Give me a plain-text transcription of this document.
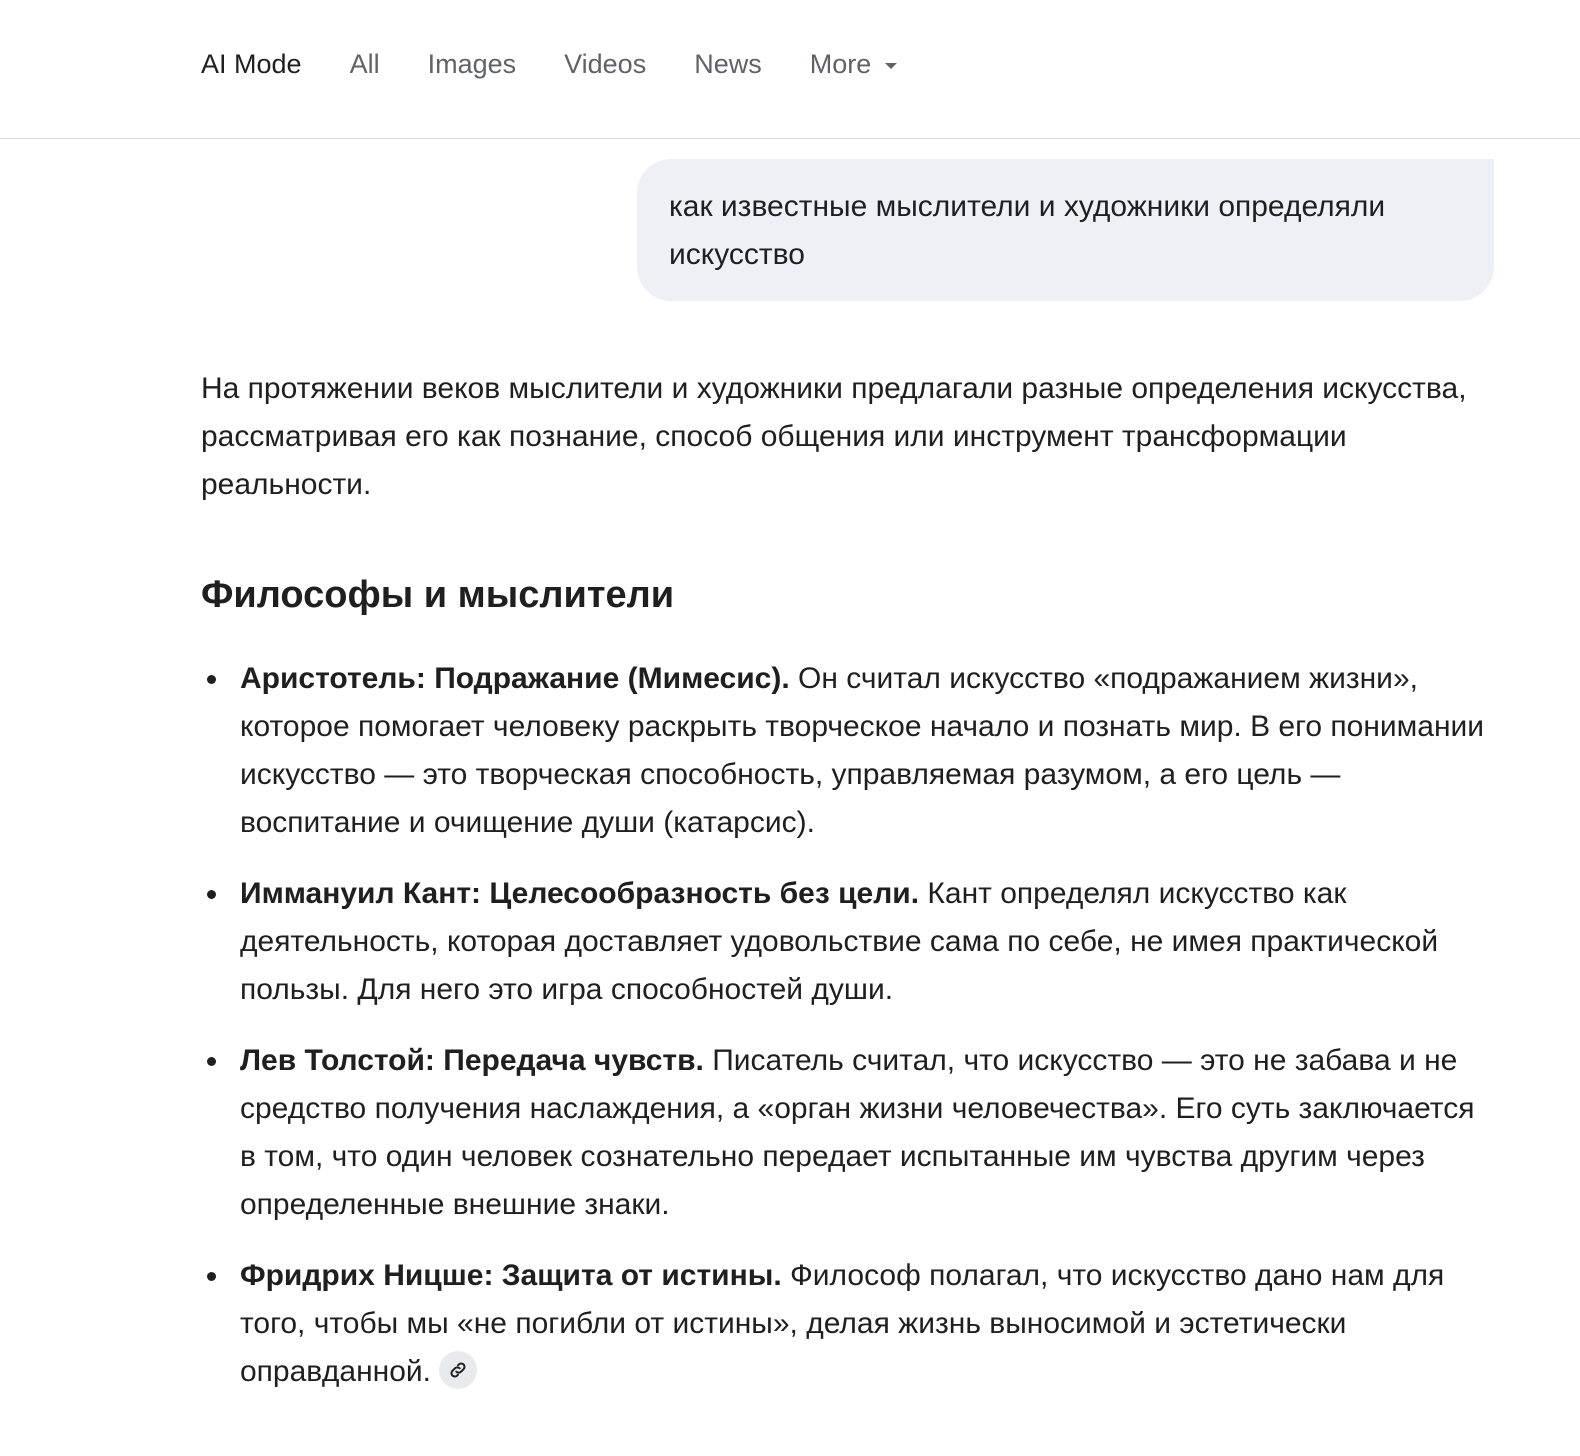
AI Mode All Images Videos News More
как известные мыслители и художники определяли искусство

На протяжении веков мыслители и художники предлагали разные определения искусства, рассматривая его как познание, способ общения или инструмент трансформации реальности.

Философы и мыслители
Аристотель: Подражание (Мимесис). Он считал искусство «подражанием жизни», которое помогает человеку раскрыть творческое начало и познать мир. В его понимании искусство — это творческая способность, управляемая разумом, а его цель — воспитание и очищение души (катарсис).
Иммануил Кант: Целесообразность без цели. Кант определял искусство как деятельность, которая доставляет удовольствие сама по себе, не имея практической пользы. Для него это игра способностей души.
Лев Толстой: Передача чувств. Писатель считал, что искусство — это не забава и не средство получения наслаждения, а «орган жизни человечества». Его суть заключается в том, что один человек сознательно передает испытанные им чувства другим через определенные внешние знаки.
Фридрих Ницше: Защита от истины. Философ полагал, что искусство дано нам для того, чтобы мы «не погибли от истины», делая жизнь выносимой и эстетически оправданной.
